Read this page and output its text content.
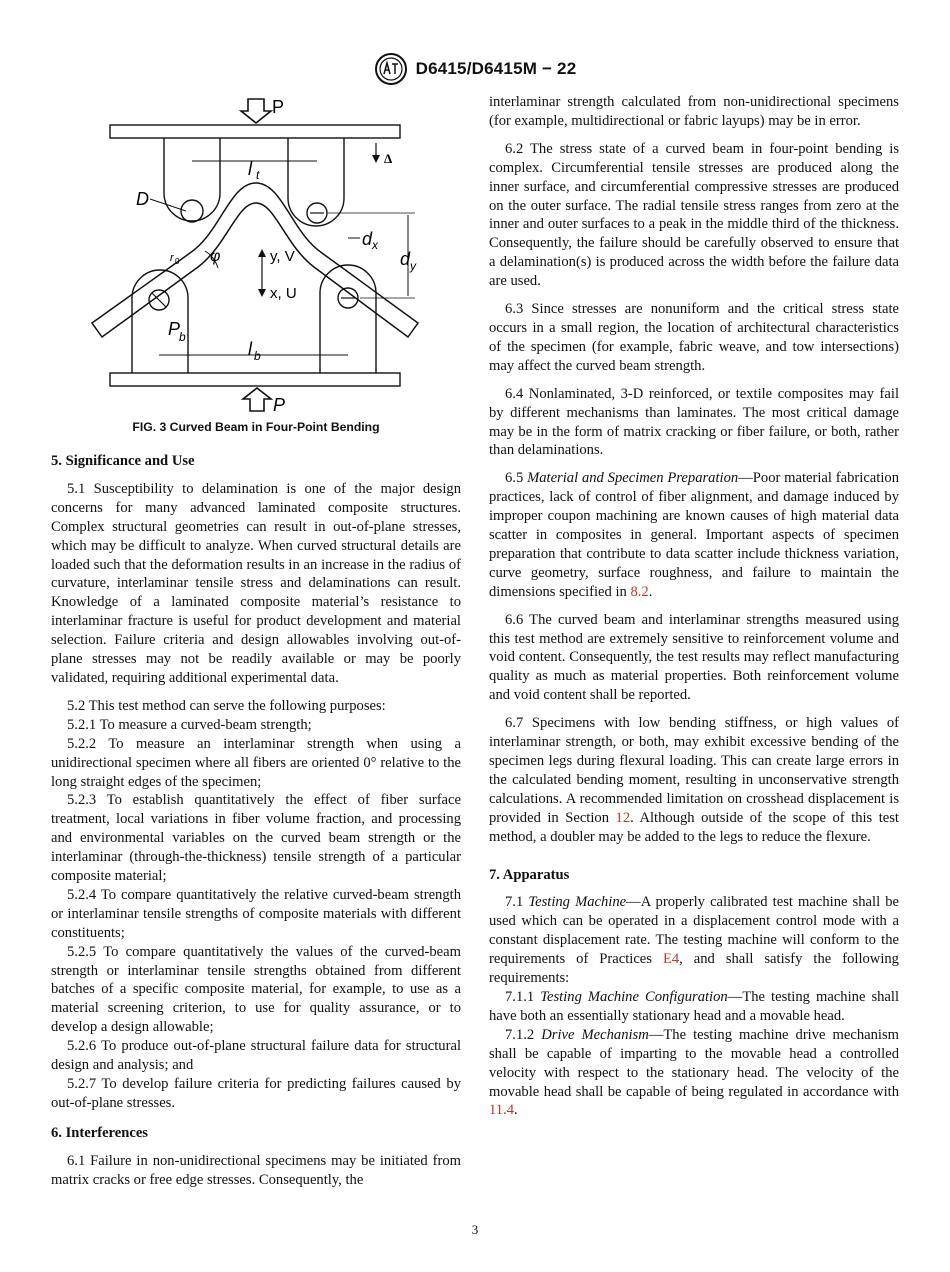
D6415/D6415M − 22
P
P
Δ
D
l t
d x
d y
φ
r 0	y, V
x, U
P
b
l b
FIG. 3 Curved Beam in Four-Point Bending
5. Significance and Use

5.1 Susceptibility to delamination is one of the major design concerns for many advanced laminated composite structures. Complex structural geometries can result in out-of-plane stresses, which may be difficult to analyze. When curved structural details are loaded such that the deformation results in an increase in the radius of curvature, interlaminar tensile stress and delaminations can result. Knowledge of a laminated composite material’s resistance to interlaminar fracture is useful for product development and material selection. Failure criteria and design allowables involving out-of-plane stresses may not be readily available or may be poorly validated, requiring additional experimental data.

5.2 This test method can serve the following purposes:

5.2.1 To measure a curved-beam strength;

5.2.2 To measure an interlaminar strength when using a unidirectional specimen where all fibers are oriented 0° relative to the long straight edges of the specimen;

5.2.3 To establish quantitatively the effect of fiber surface treatment, local variations in fiber volume fraction, and processing and environmental variables on the curved beam strength or the interlaminar (through-the-thickness) tensile strength of a particular composite material;

5.2.4 To compare quantitatively the relative curved-beam strength or interlaminar tensile strengths of composite materials with different constituents;

5.2.5 To compare quantitatively the values of the curved-beam strength or interlaminar tensile strengths obtained from different batches of a specific composite material, for example, to use as a material screening criterion, to use for quality assurance, or to develop a design allowable;

5.2.6 To produce out-of-plane structural failure data for structural design and analysis; and

5.2.7 To develop failure criteria for predicting failures caused by out-of-plane stresses.

6. Interferences

6.1 Failure in non-unidirectional specimens may be initiated from matrix cracks or free edge stresses. Consequently, the

interlaminar strength calculated from non-unidirectional specimens (for example, multidirectional or fabric layups) may be in error.

6.2 The stress state of a curved beam in four-point bending is complex. Circumferential tensile stresses are produced along the inner surface, and circumferential compressive stresses are produced on the outer surface. The radial tensile stress ranges from zero at the inner and outer surfaces to a peak in the middle third of the thickness. Consequently, the failure should be carefully observed to ensure that a delamination(s) is produced across the width before the failure data are used.

6.3 Since stresses are nonuniform and the critical stress state occurs in a small region, the location of architectural characteristics of the specimen (for example, fabric weave, and tow intersections) may affect the curved beam strength.

6.4 Nonlaminated, 3-D reinforced, or textile composites may fail by different mechanisms than laminates. The most critical damage may be in the form of matrix cracking or fiber failure, or both, rather than delaminations.

6.5 Material and Specimen Preparation—Poor material fabrication practices, lack of control of fiber alignment, and damage induced by improper coupon machining are known causes of high material data scatter in composites in general. Important aspects of specimen preparation that contribute to data scatter include thickness variation, curve geometry, surface roughness, and failure to maintain the dimensions specified in 8.2.

6.6 The curved beam and interlaminar strengths measured using this test method are extremely sensitive to reinforcement volume and void content. Consequently, the test results may reflect manufacturing quality as much as material properties. Both reinforcement volume and void content shall be reported.

6.7 Specimens with low bending stiffness, or high values of interlaminar strength, or both, may exhibit excessive bending of the specimen legs during flexural loading. This can create large errors in the calculated bending moment, resulting in unconservative strength calculations. A recommended limitation on crosshead displacement is provided in Section 12. Although outside of the scope of this test method, a doubler may be added to the legs to reduce the flexure.

7. Apparatus

7.1 Testing Machine—A properly calibrated test machine shall be used which can be operated in a displacement control mode with a constant displacement rate. The testing machine will conform to the requirements of Practices E4, and shall satisfy the following requirements:

7.1.1 Testing Machine Configuration—The testing machine shall have both an essentially stationary head and a movable head.

7.1.2 Drive Mechanism—The testing machine drive mechanism shall be capable of imparting to the movable head a controlled velocity with respect to the stationary head. The velocity of the movable head shall be capable of being regulated in accordance with 11.4.

3
